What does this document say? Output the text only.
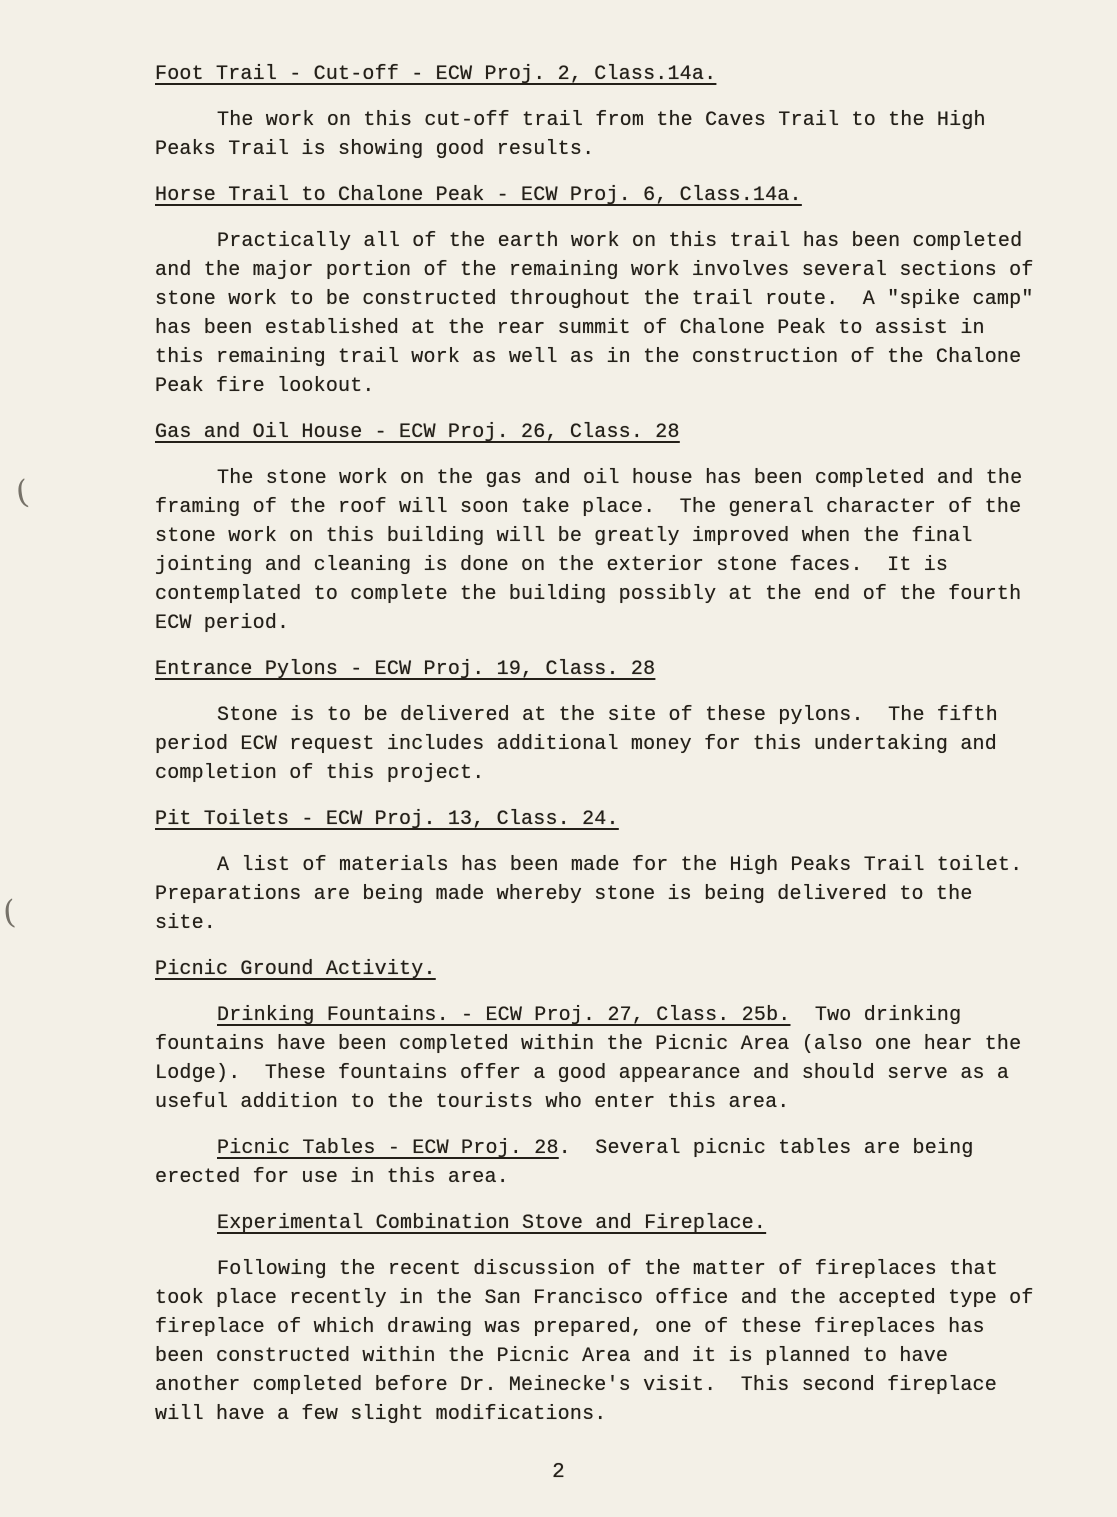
(
(
Foot Trail - Cut-off - ECW Proj. 2, Class.14a.

The work on this cut-off trail from the Caves Trail to the High Peaks Trail is showing good results.

Horse Trail to Chalone Peak - ECW Proj. 6, Class.14a.

Practically all of the earth work on this trail has been completed and the major portion of the remaining work involves several sections of stone work to be constructed throughout the trail route.  A "spike camp" has been established at the rear summit of Chalone Peak to assist in this remaining trail work as well as in the construction of the Chalone Peak fire lookout.

Gas and Oil House - ECW Proj. 26, Class. 28

The stone work on the gas and oil house has been completed and the framing of the roof will soon take place.  The general character of the stone work on this building will be greatly improved when the final jointing and cleaning is done on the exterior stone faces.  It is contemplated to complete the building possibly at the end of the fourth ECW period.

Entrance Pylons - ECW Proj. 19, Class. 28

Stone is to be delivered at the site of these pylons.  The fifth period ECW request includes additional money for this undertaking and completion of this project.

Pit Toilets - ECW Proj. 13, Class. 24.

A list of materials has been made for the High Peaks Trail toilet.  Preparations are being made whereby stone is being delivered to the site.

Picnic Ground Activity.

Drinking Fountains. - ECW Proj. 27, Class. 25b.  Two drinking fountains have been completed within the Picnic Area (also one hear the Lodge).  These fountains offer a good appearance and should serve as a useful addition to the tourists who enter this area.

Picnic Tables - ECW Proj. 28.  Several picnic tables are being erected for use in this area.

Experimental Combination Stove and Fireplace.

Following the recent discussion of the matter of fireplaces that took place recently in the San Francisco office and the accepted type of fireplace of which drawing was prepared, one of these fireplaces has been constructed within the Picnic Area and it is planned to have another completed before Dr. Meinecke's visit.  This second fireplace will have a few slight modifications.

2
